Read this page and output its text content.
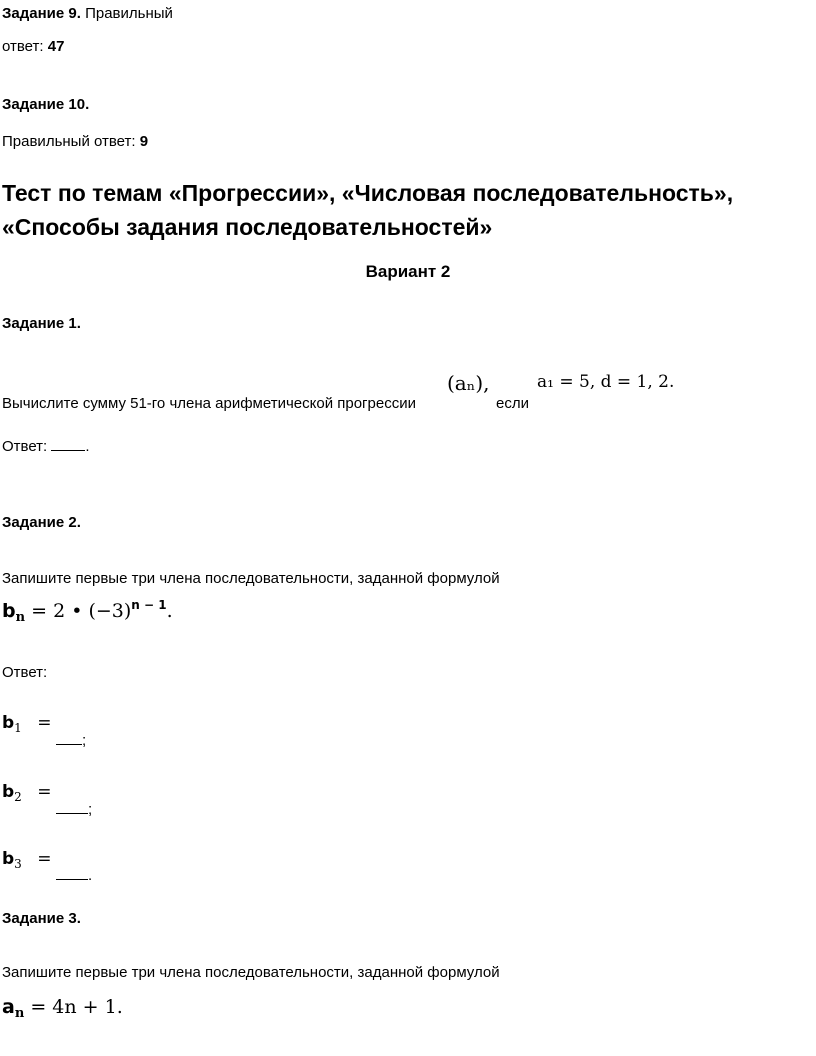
Задание 9. Правильный
ответ: 47
Задание 10.
Правильный ответ: 9
Тест по темам «Прогрессии», «Числовая последовательность»,
«Способы задания последовательностей»
Вариант 2
Задание 1.
Вычислите сумму 51-го члена арифметической прогрессии
(aₙ),
если
a₁ = 5, d = 1, 2.
Ответ:	.
Задание 2.
Запишите первые три члена последовательности, заданной формулой
$b_n = 2$ • $(-3)^{n - 1}$.
Ответ:
$b_1$ =
;
$b_2$ =
;
$b_3$ =
.
Задание 3.
Запишите первые три члена последовательности, заданной формулой
$a_n = 4n + 1$.
